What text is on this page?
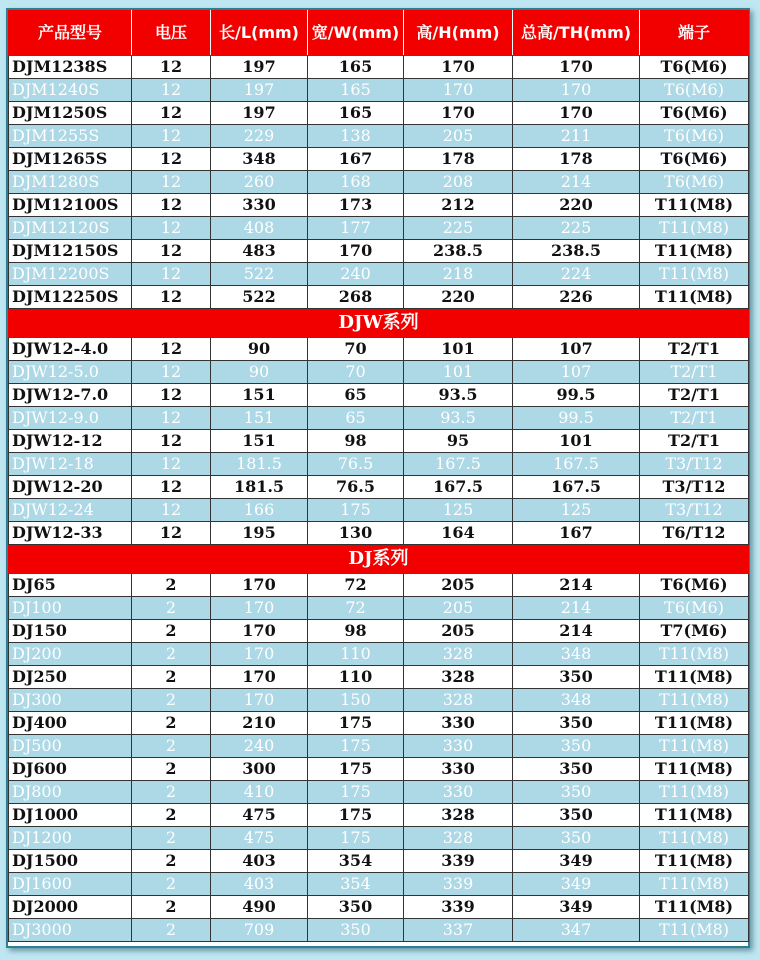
产品型号	电压	长/L(mm)	宽/W(mm)	高/H(mm)	总高/TH(mm)	端子
DJM1238S	12	197	165	170	170	T6(M6)
DJM1240S	12	197	165	170	170	T6(M6)
DJM1250S	12	197	165	170	170	T6(M6)
DJM1255S	12	229	138	205	211	T6(M6)
DJM1265S	12	348	167	178	178	T6(M6)
DJM1280S	12	260	168	208	214	T6(M6)
DJM12100S	12	330	173	212	220	T11(M8)
DJM12120S	12	408	177	225	225	T11(M8)
DJM12150S	12	483	170	238.5	238.5	T11(M8)
DJM12200S	12	522	240	218	224	T11(M8)
DJM12250S	12	522	268	220	226	T11(M8)
DJW系列						
DJW12-4.0	12	90	70	101	107	T2/T1
DJW12-5.0	12	90	70	101	107	T2/T1
DJW12-7.0	12	151	65	93.5	99.5	T2/T1
DJW12-9.0	12	151	65	93.5	99.5	T2/T1
DJW12-12	12	151	98	95	101	T2/T1
DJW12-18	12	181.5	76.5	167.5	167.5	T3/T12
DJW12-20	12	181.5	76.5	167.5	167.5	T3/T12
DJW12-24	12	166	175	125	125	T3/T12
DJW12-33	12	195	130	164	167	T6/T12
DJ系列						
DJ65	2	170	72	205	214	T6(M6)
DJ100	2	170	72	205	214	T6(M6)
DJ150	2	170	98	205	214	T7(M6)
DJ200	2	170	110	328	348	T11(M8)
DJ250	2	170	110	328	350	T11(M8)
DJ300	2	170	150	328	348	T11(M8)
DJ400	2	210	175	330	350	T11(M8)
DJ500	2	240	175	330	350	T11(M8)
DJ600	2	300	175	330	350	T11(M8)
DJ800	2	410	175	330	350	T11(M8)
DJ1000	2	475	175	328	350	T11(M8)
DJ1200	2	475	175	328	350	T11(M8)
DJ1500	2	403	354	339	349	T11(M8)
DJ1600	2	403	354	339	349	T11(M8)
DJ2000	2	490	350	339	349	T11(M8)
DJ3000	2	709	350	337	347	T11(M8)
